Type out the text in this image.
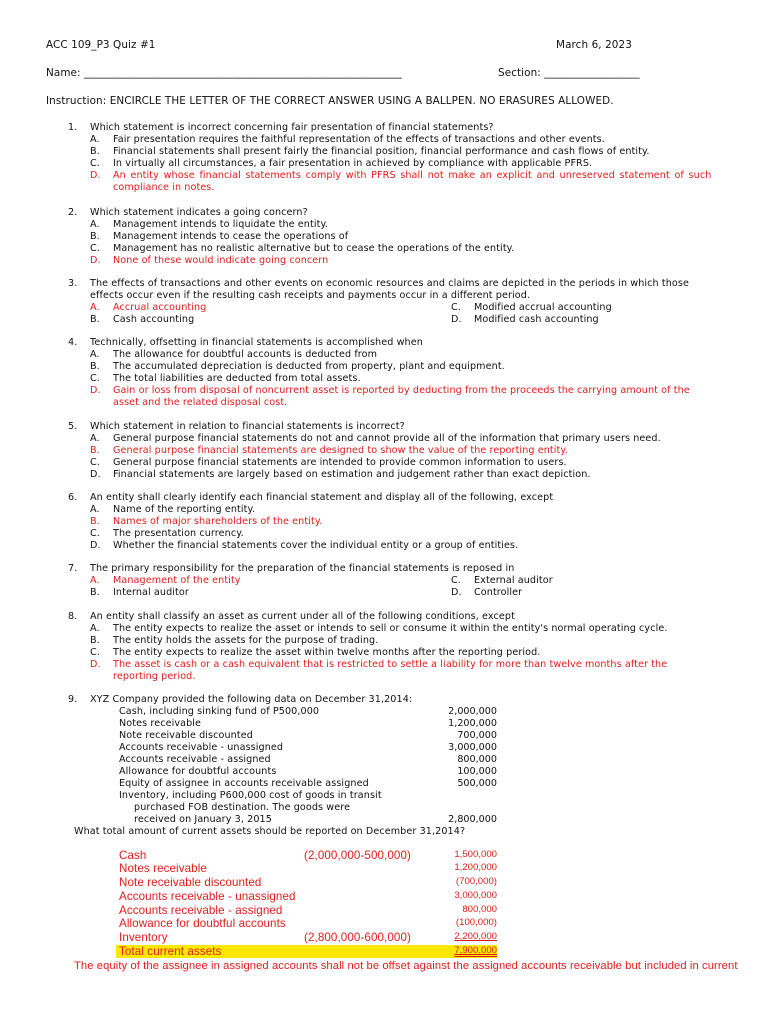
ACC 109_P3 Quiz #1	March 6, 2023
Name: ____________________________________________________________	Section: __________________
Instruction: ENCIRCLE THE LETTER OF THE CORRECT ANSWER USING A BALLPEN. NO ERASURES ALLOWED.
1. Which statement is incorrect concerning fair presentation of financial statements?
A. Fair presentation requires the faithful representation of the effects of transactions and other events.
B. Financial statements shall present fairly the financial position, financial performance and cash flows of entity.
C. In virtually all circumstances, a fair presentation in achieved by compliance with applicable PFRS.
D. An entity whose financial statements comply with PFRS shall not make an explicit and unreserved statement of such
compliance in notes.
2. Which statement indicates a going concern?
A. Management intends to liquidate the entity.
B. Management intends to cease the operations of
C. Management has no realistic alternative but to cease the operations of the entity.
D. None of these would indicate going concern
3. The effects of transactions and other events on economic resources and claims are depicted in the periods in which those
effects occur even if the resulting cash receipts and payments occur in a different period.
A. Accrual accounting
B. Cash accounting
C. Modified accrual accounting
D. Modified cash accounting
4. Technically, offsetting in financial statements is accomplished when
A. The allowance for doubtful accounts is deducted from
B. The accumulated depreciation is deducted from property, plant and equipment.
C. The total liabilities are deducted from total assets.
D. Gain or loss from disposal of noncurrent asset is reported by deducting from the proceeds the carrying amount of the
asset and the related disposal cost.
5. Which statement in relation to financial statements is incorrect?
A. General purpose financial statements do not and cannot provide all of the information that primary users need.
B. General purpose financial statements are designed to show the value of the reporting entity.
C. General purpose financial statements are intended to provide common information to users.
D. Financial statements are largely based on estimation and judgement rather than exact depiction.
6. An entity shall clearly identify each financial statement and display all of the following, except
A. Name of the reporting entity.
B. Names of major shareholders of the entity.
C. The presentation currency.
D. Whether the financial statements cover the individual entity or a group of entities.
7. The primary responsibility for the preparation of the financial statements is reposed in
A. Management of the entity
B. Internal auditor
C. External auditor
D. Controller
8. An entity shall classify an asset as current under all of the following conditions, except
A. The entity expects to realize the asset or intends to sell or consume it within the entity's normal operating cycle.
B. The entity holds the assets for the purpose of trading.
C. The entity expects to realize the asset within twelve months after the reporting period.
D. The asset is cash or a cash equivalent that is restricted to settle a liability for more than twelve months after the
reporting period.
9. XYZ Company provided the following data on December 31,2014:
Cash, including sinking fund of P500,000	2,000,000
Notes receivable	1,200,000
Note receivable discounted	700,000
Accounts receivable - unassigned	3,000,000
Accounts receivable - assigned	800,000
Allowance for doubtful accounts	100,000
Equity of assignee in accounts receivable assigned	500,000
Inventory, including P600,000 cost of goods in transit
purchased FOB destination. The goods were
received on January 3, 2015	2,800,000
What total amount of current assets should be reported on December 31,2014?
Cash	(2,000,000-500,000)	1,500,000
Notes receivable	1,200,000
Note receivable discounted	(700,000)
Accounts receivable - unassigned	3,000,000
Accounts receivable - assigned	800,000
Allowance for doubtful accounts	(100,000)
Inventory	(2,800,000-600,000)	2,200,000
Total current assets	7,900,000
The equity of the assignee in assigned accounts shall not be offset against the assigned accounts receivable but included in current
